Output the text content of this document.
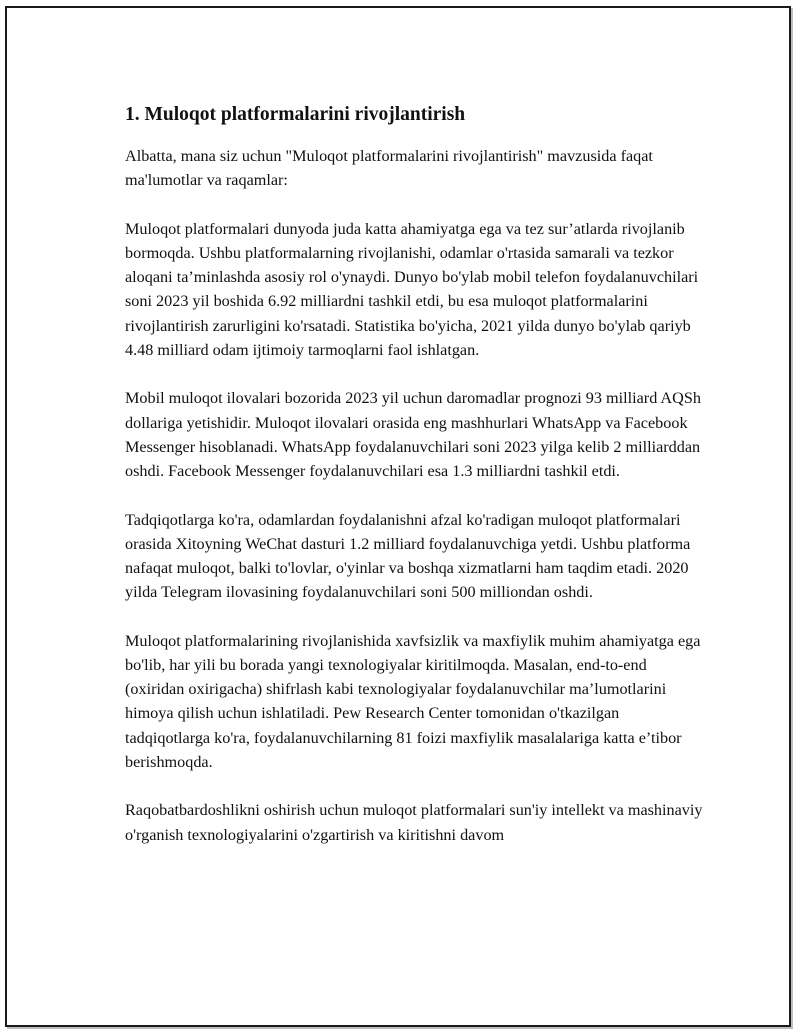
1. Muloqot platformalarini rivojlantirish

Albatta, mana siz uchun "Muloqot platformalarini rivojlantirish" mavzusida faqat ma'lumotlar va raqamlar:

Muloqot platformalari dunyoda juda katta ahamiyatga ega va tez sur’atlarda rivojlanib bormoqda. Ushbu platformalarning rivojlanishi, odamlar o'rtasida samarali va tezkor aloqani ta’minlashda asosiy rol o'ynaydi. Dunyo bo'ylab mobil telefon foydalanuvchilari soni 2023 yil boshida 6.92 milliardni tashkil etdi, bu esa muloqot platformalarini rivojlantirish zarurligini ko'rsatadi. Statistika bo'yicha, 2021 yilda dunyo bo'ylab qariyb 4.48 milliard odam ijtimoiy tarmoqlarni faol ishlatgan.

Mobil muloqot ilovalari bozorida 2023 yil uchun daromadlar prognozi 93 milliard AQSh dollariga yetishidir. Muloqot ilovalari orasida eng mashhurlari WhatsApp va Facebook Messenger hisoblanadi. WhatsApp foydalanuvchilari soni 2023 yilga kelib 2 milliarddan oshdi. Facebook Messenger foydalanuvchilari esa 1.3 milliardni tashkil etdi.

Tadqiqotlarga ko'ra, odamlardan foydalanishni afzal ko'radigan muloqot platformalari orasida Xitoyning WeChat dasturi 1.2 milliard foydalanuvchiga yetdi. Ushbu platforma nafaqat muloqot, balki to'lovlar, o'yinlar va boshqa xizmatlarni ham taqdim etadi. 2020 yilda Telegram ilovasining foydalanuvchilari soni 500 milliondan oshdi.

Muloqot platformalarining rivojlanishida xavfsizlik va maxfiylik muhim ahamiyatga ega bo'lib, har yili bu borada yangi texnologiyalar kiritilmoqda. Masalan, end-to-end (oxiridan oxirigacha) shifrlash kabi texnologiyalar foydalanuvchilar ma’lumotlarini himoya qilish uchun ishlatiladi. Pew Research Center tomonidan o'tkazilgan tadqiqotlarga ko'ra, foydalanuvchilarning 81 foizi maxfiylik masalalariga katta e’tibor berishmoqda.

Raqobatbardoshlikni oshirish uchun muloqot platformalari sun'iy intellekt va mashinaviy o'rganish texnologiyalarini o'zgartirish va kiritishni davom
